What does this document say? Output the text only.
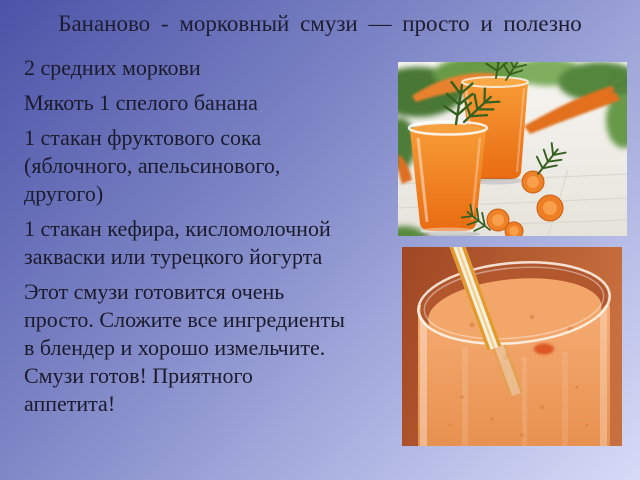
Бананово - морковный смузи — просто и полезно

2 средних моркови

Мякоть 1 спелого банана

1 стакан фруктового сока (яблочного, апельсинового, другого)

1 стакан кефира, кисломолочной закваски или турецкого йогурта

Этот смузи готовится очень просто. Сложите все ингредиенты в блендер и хорошо измельчите. Смузи готов! Приятного аппетита!
